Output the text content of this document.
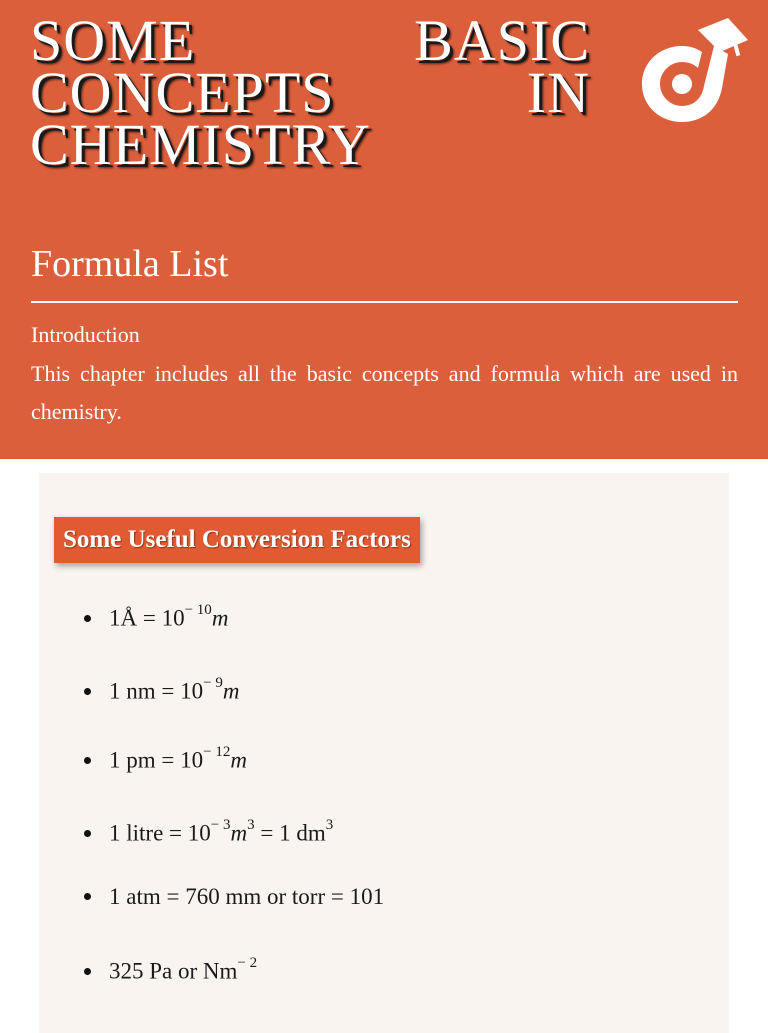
SOME	BASIC
CONCEPTS	IN
CHEMISTRY
Formula List
Introduction
This chapter includes all the basic concepts and formula which are used in chemistry.
Some Useful Conversion Factors
1Å = $10^{- 10}m$
1 nm = $10^{- 9}m$
1 pm = $10^{- 12}m$
1 litre = $10^{- 3}m^3 = 1$ $dm^3$
1 atm = 760 mm or torr = 101
325 Pa or $Nm^{- 2}$
